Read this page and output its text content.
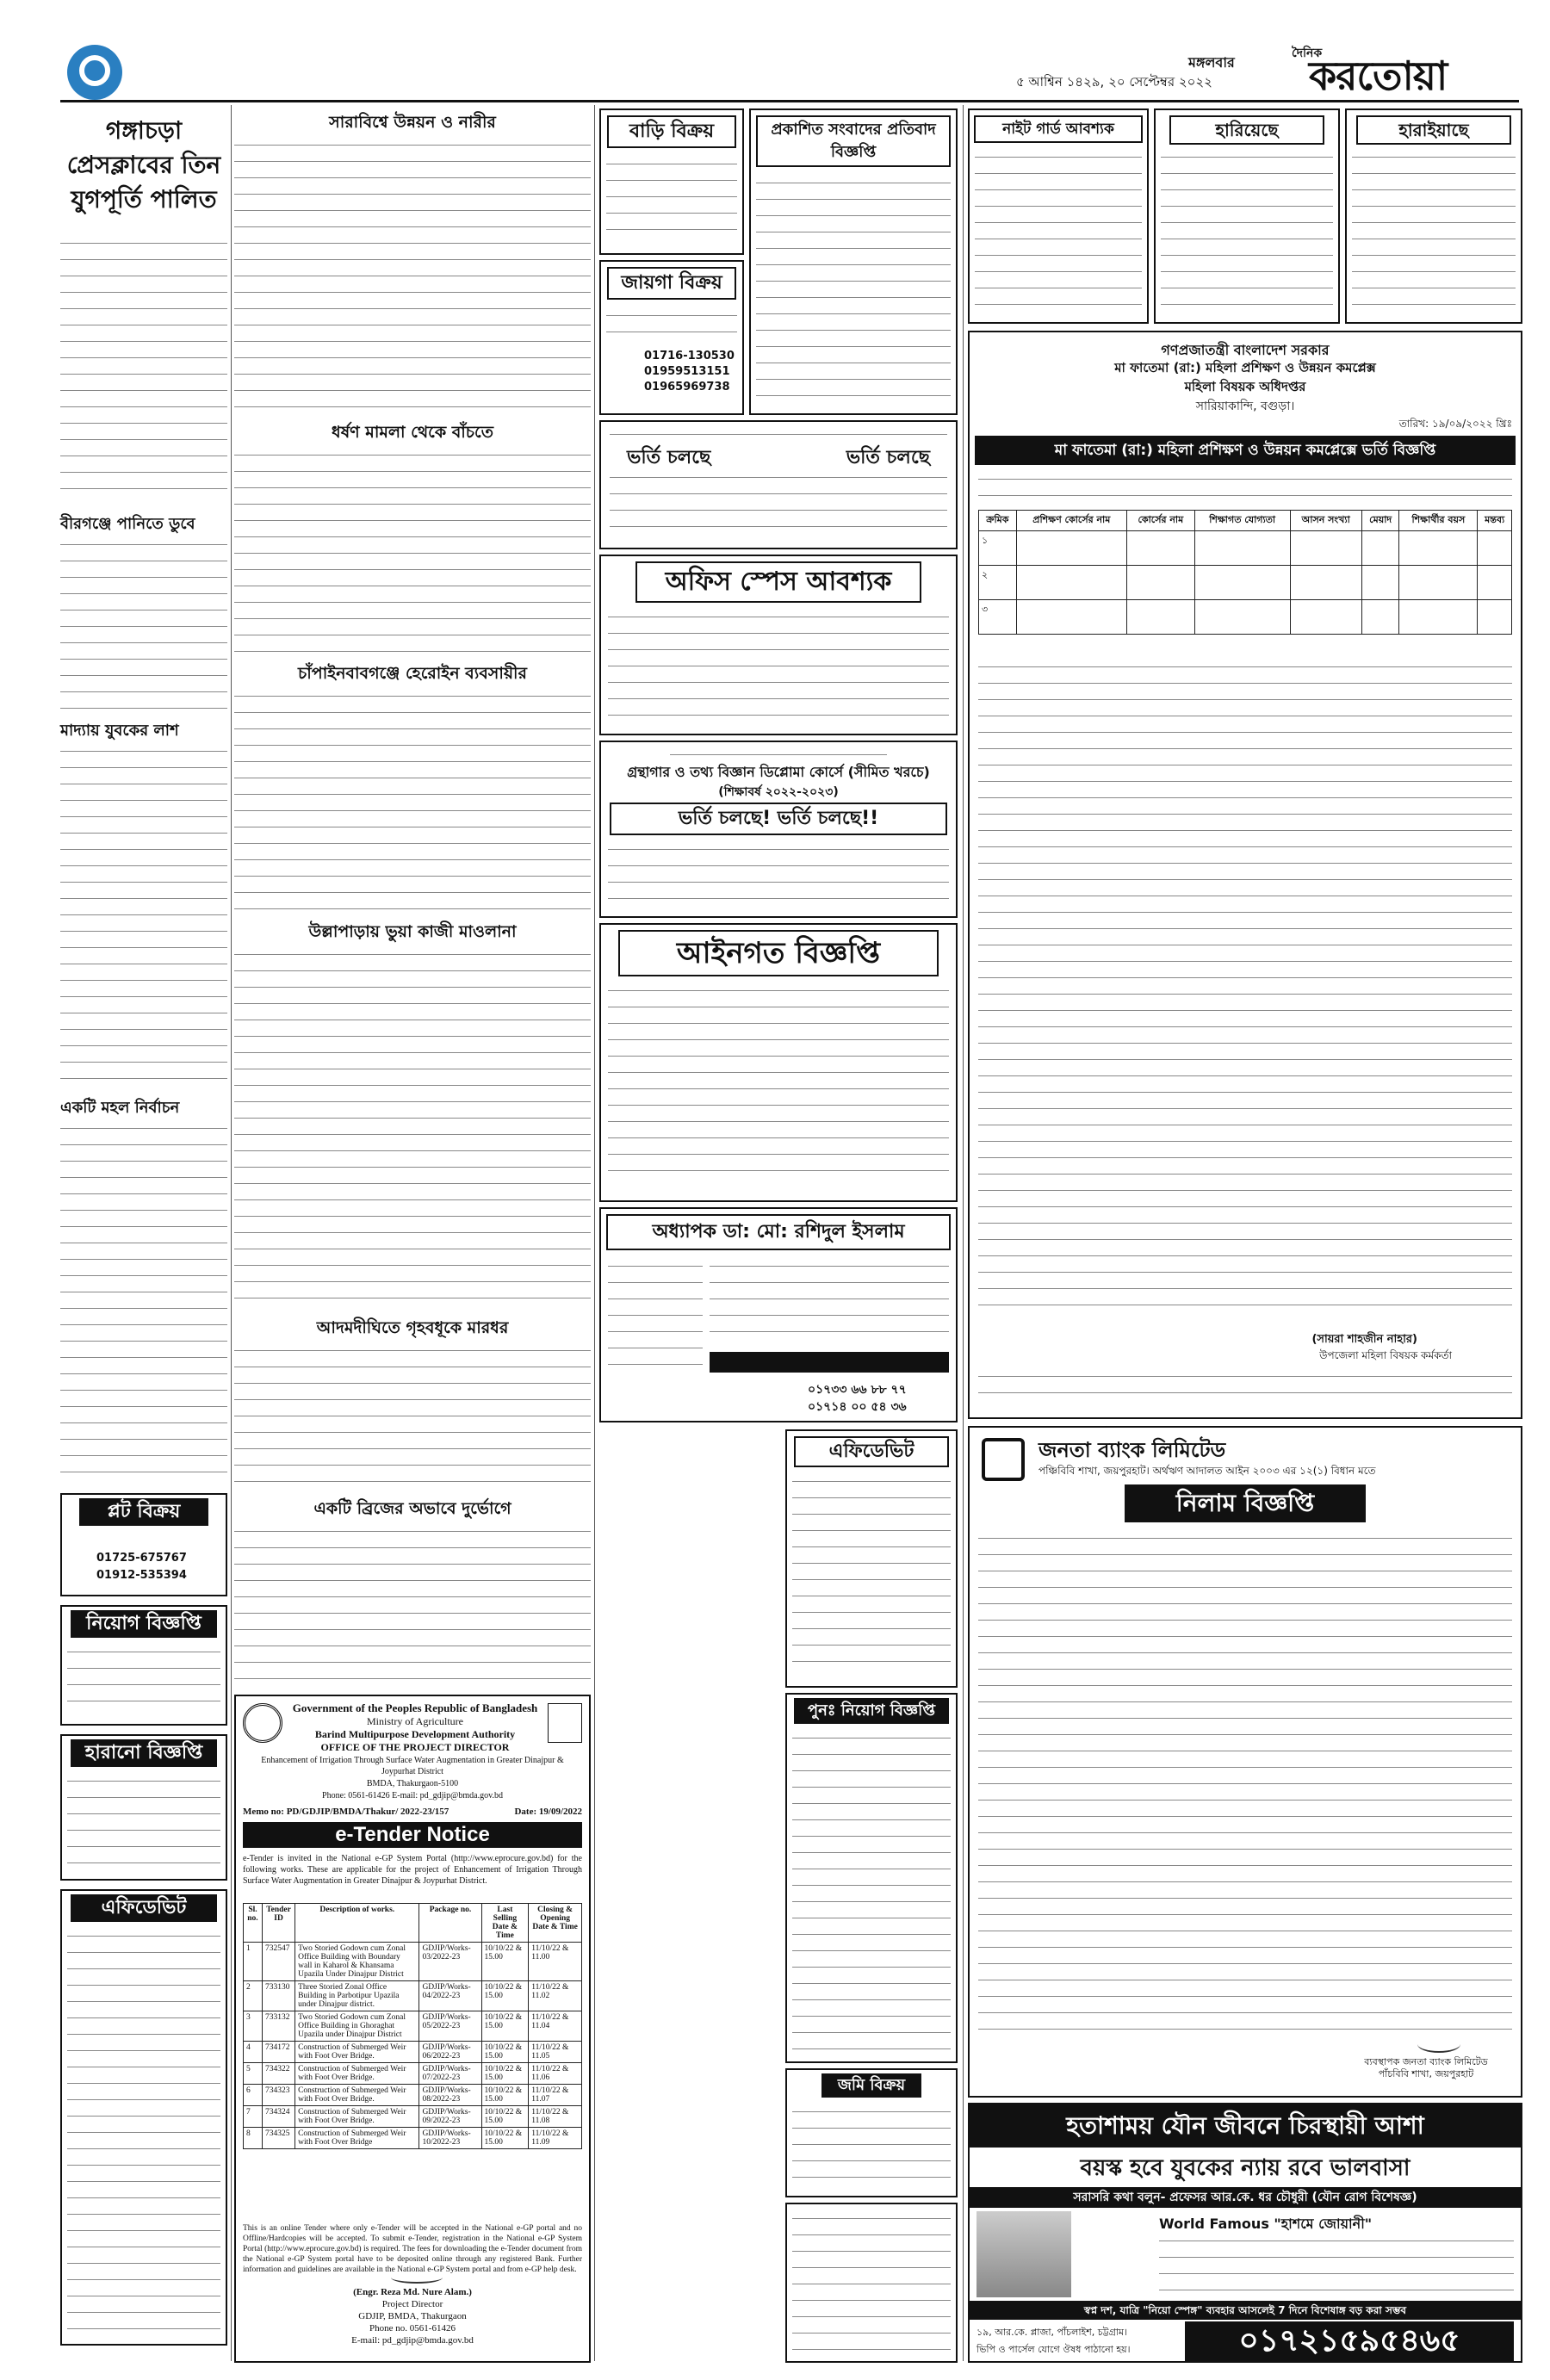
মঙ্গলবার
৫ আশ্বিন ১৪২৯, ২০ সেপ্টেম্বর ২০২২
দৈনিক
করতোয়া
গঙ্গাচড়া প্রেসক্লাবের তিন যুগপূর্তি পালিত
বীরগঞ্জে পানিতে ডুবে
মাদ্যায় যুবকের লাশ
একটি মহল নির্বাচন
প্লট বিক্রয়
01725-675767
01912-535394
নিয়োগ বিজ্ঞপ্তি
হারানো বিজ্ঞপ্তি
এফিডেভিট
সারাবিশ্বে উন্নয়ন ও নারীর
ধর্ষণ মামলা থেকে বাঁচতে
চাঁপাইনবাবগঞ্জে হেরোইন ব্যবসায়ীর
উল্লাপাড়ায় ভুয়া কাজী মাওলানা
আদমদীঘিতে গৃহবধূকে মারধর
একটি ব্রিজের অভাবে দুর্ভোগে
Government of the Peoples Republic of Bangladesh
Ministry of Agriculture
Barind Multipurpose Development Authority
OFFICE OF THE PROJECT DIRECTOR
Enhancement of Irrigation Through Surface Water Augmentation in Greater Dinajpur & Joypurhat District
BMDA, Thakurgaon-5100
Phone: 0561-61426 E-mail: pd_gdjip@bmda.gov.bd
Memo no: PD/GDJIP/BMDA/Thakur/ 2022-23/157	Date: 19/09/2022
e-Tender Notice
e-Tender is invited in the National e-GP System Portal (http://www.eprocure.gov.bd) for the following works. These are applicable for the project of Enhancement of Irrigation Through Surface Water Augmentation in Greater Dinajpur & Joypurhat District.
Sl. no.	Tender ID	Description of works.	Package no.	Last Selling Date & Time	Closing & Opening Date & Time
1	732547	Two Storied Godown cum Zonal Office Building with Boundary wall in Kaharol & Khansama Upazila Under Dinajpur District	GDJIP/Works-03/2022-23	10/10/22 & 15.00	11/10/22 & 11.00
2	733130	Three Storied Zonal Office Building in Parbotipur Upazila under Dinajpur district.	GDJIP/Works-04/2022-23	10/10/22 & 15.00	11/10/22 & 11.02
3	733132	Two Storied Godown cum Zonal Office Building in Ghoraghat Upazila under Dinajpur District	GDJIP/Works-05/2022-23	10/10/22 & 15.00	11/10/22 & 11.04
4	734172	Construction of Submerged Weir with Foot Over Bridge.	GDJIP/Works-06/2022-23	10/10/22 & 15.00	11/10/22 & 11.05
5	734322	Construction of Submerged Weir with Foot Over Bridge.	GDJIP/Works-07/2022-23	10/10/22 & 15.00	11/10/22 & 11.06
6	734323	Construction of Submerged Weir with Foot Over Bridge.	GDJIP/Works-08/2022-23	10/10/22 & 15.00	11/10/22 & 11.07
7	734324	Construction of Submerged Weir with Foot Over Bridge.	GDJIP/Works-09/2022-23	10/10/22 & 15.00	11/10/22 & 11.08
8	734325	Construction of Submerged Weir with Foot Over Bridge	GDJIP/Works-10/2022-23	10/10/22 & 15.00	11/10/22 & 11.09
This is an online Tender where only e-Tender will be accepted in the National e-GP portal and no Offline/Hardcopies will be accepted. To submit e-Tender, registration in the National e-GP System Portal (http://www.eprocure.gov.bd) is required. The fees for downloading the e-Tender document from the National e-GP System portal have to be deposited online through any registered Bank. Further information and guidelines are available in the National e-GP System portal and from e-GP help desk.
(Engr. Reza Md. Nure Alam.)
Project Director
GDJIP, BMDA, Thakurgaon
Phone no. 0561-61426
E-mail: pd_gdjip@bmda.gov.bd
বাড়ি বিক্রয়
জায়গা বিক্রয়
01716-130530
01959513151
01965969738
প্রকাশিত সংবাদের প্রতিবাদ বিজ্ঞপ্তি
ভর্তি চলছে	ভর্তি চলছে
অফিস স্পেস আবশ্যক
গ্রন্থাগার ও তথ্য বিজ্ঞান ডিপ্লোমা কোর্সে (সীমিত খরচে)
(শিক্ষাবর্ষ ২০২২-২০২৩)
ভর্তি চলছে! ভর্তি চলছে!!
আইনগত বিজ্ঞপ্তি
অধ্যাপক ডা: মো: রশিদুল ইসলাম
০১৭৩৩ ৬৬ ৮৮ ৭৭
০১৭১৪ ০০ ৫৪ ৩৬
এফিডেভিট
পুনঃ নিয়োগ বিজ্ঞপ্তি
জমি বিক্রয়
নাইট গার্ড আবশ্যক	হারিয়েছে	হারাইয়াছে
গণপ্রজাতন্ত্রী বাংলাদেশ সরকার
মা ফাতেমা (রা:) মহিলা প্রশিক্ষণ ও উন্নয়ন কমপ্লেক্স
মহিলা বিষয়ক অধিদপ্তর
সারিয়াকান্দি, বগুড়া।
তারিখ: ১৯/০৯/২০২২ খ্রিঃ
মা ফাতেমা (রা:) মহিলা প্রশিক্ষণ ও উন্নয়ন কমপ্লেক্সে ভর্তি বিজ্ঞপ্তি
ক্রমিক	প্রশিক্ষণ কোর্সের নাম	কোর্সের নাম	শিক্ষাগত যোগ্যতা	আসন সংখ্যা	মেয়াদ	শিক্ষার্থীর বয়স	মন্তব্য
১							
২							
৩							
(সায়রা শাহজীন নাহার)
উপজেলা মহিলা বিষয়ক কর্মকর্তা
জনতা ব্যাংক লিমিটেড
পঞ্চিবিবি শাখা, জয়পুরহাট। অর্থঋণ আদালত আইন ২০০৩ এর ১২(১) বিধান মতে
নিলাম বিজ্ঞপ্তি
ব্যবস্থাপক জনতা ব্যাংক লিমিটেড পাঁচবিবি শাখা, জয়পুরহাট
হতাশাময় যৌন জীবনে চিরস্থায়ী আশা
বয়স্ক হবে যুবকের ন্যায় রবে ভালবাসা
সরাসরি কথা বলুন- প্রফেসর আর.কে. ধর চৌধুরী (যৌন রোগ বিশেষজ্ঞ)
World Famous "হাশমে জোয়ানী"
স্বপ্ন দশ, যাত্রি "নিয়ো স্পেঙ্গ" ব্যবহার আসলেই 7 দিনে বিশেষাঙ্গ বড় করা সম্ভব
১৯, আর.কে. প্লাজা, পাঁচলাইশ, চট্টগ্রাম।
ভিপি ও পার্সেল যোগে ঔষধ পাঠানো হয়।	০১৭২১৫৯৫৪৬৫
